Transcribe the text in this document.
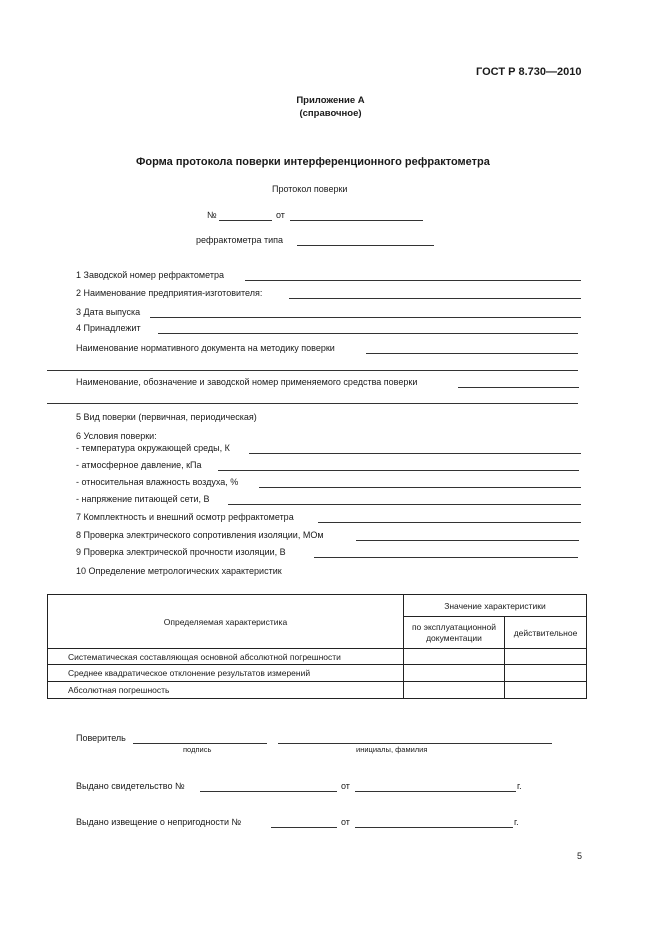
ГОСТ Р 8.730—2010
Приложение А
(справочное)
Форма протокола поверки интерференционного рефрактометра
Протокол поверки
№	от
рефрактометра типа
1 Заводской номер рефрактометра
2 Наименование предприятия-изготовителя:
3 Дата выпуска
4 Принадлежит
Наименование нормативного документа на методику поверки
Наименование, обозначение и заводской номер применяемого средства поверки
5 Вид поверки (первичная, периодическая)
6 Условия поверки:
- температура окружающей среды, К
- атмосферное давление, кПа
- относительная влажность воздуха, %
- напряжение питающей сети, В
7 Комплектность и внешний осмотр рефрактометра
8 Проверка электрического сопротивления изоляции, МОм
9 Проверка электрической прочности изоляции, В
10 Определение метрологических характеристик
Определяемая характеристика	Значение характеристики	
	по эксплуатационной документации	действительное
Систематическая составляющая основной абсолютной погрешности		
Среднее квадратическое отклонение результатов измерений		
Абсолютная погрешность		
Поверитель
подпись	инициалы, фамилия
Выдано свидетельство №	от	г.
Выдано извещение о непригодности №	от	г.
5
